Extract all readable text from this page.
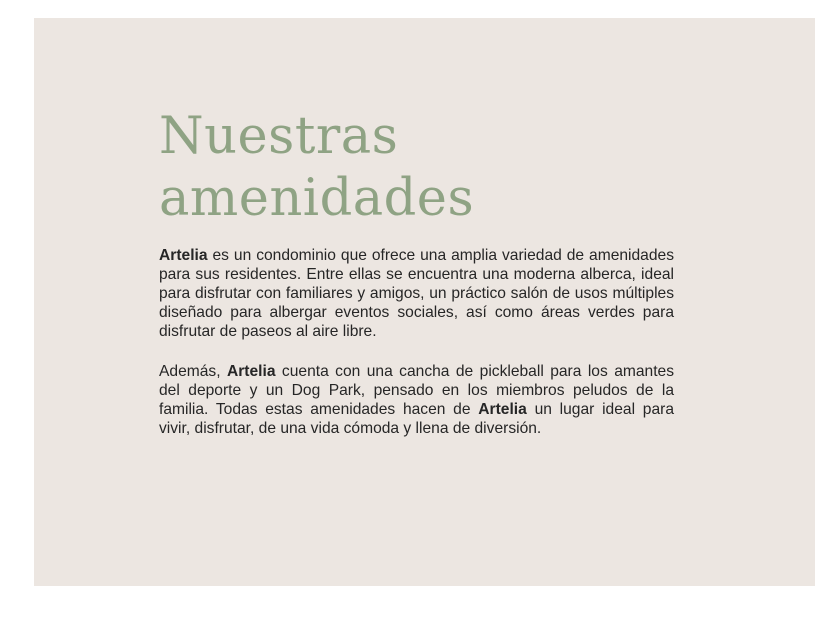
Nuestras
amenidades

Artelia es un condominio que ofrece una amplia variedad de amenidades para sus residentes. Entre ellas se encuentra una moderna alberca, ideal para disfrutar con familiares y amigos, un práctico salón de usos múltiples diseñado para albergar eventos sociales, así como áreas verdes para disfrutar de paseos al aire libre.

Además, Artelia cuenta con una cancha de pickleball para los amantes del deporte y un Dog Park, pensado en los miembros peludos de la familia. Todas estas amenidades hacen de Artelia un lugar ideal para vivir, disfrutar, de una vida cómoda y llena de diversión.
